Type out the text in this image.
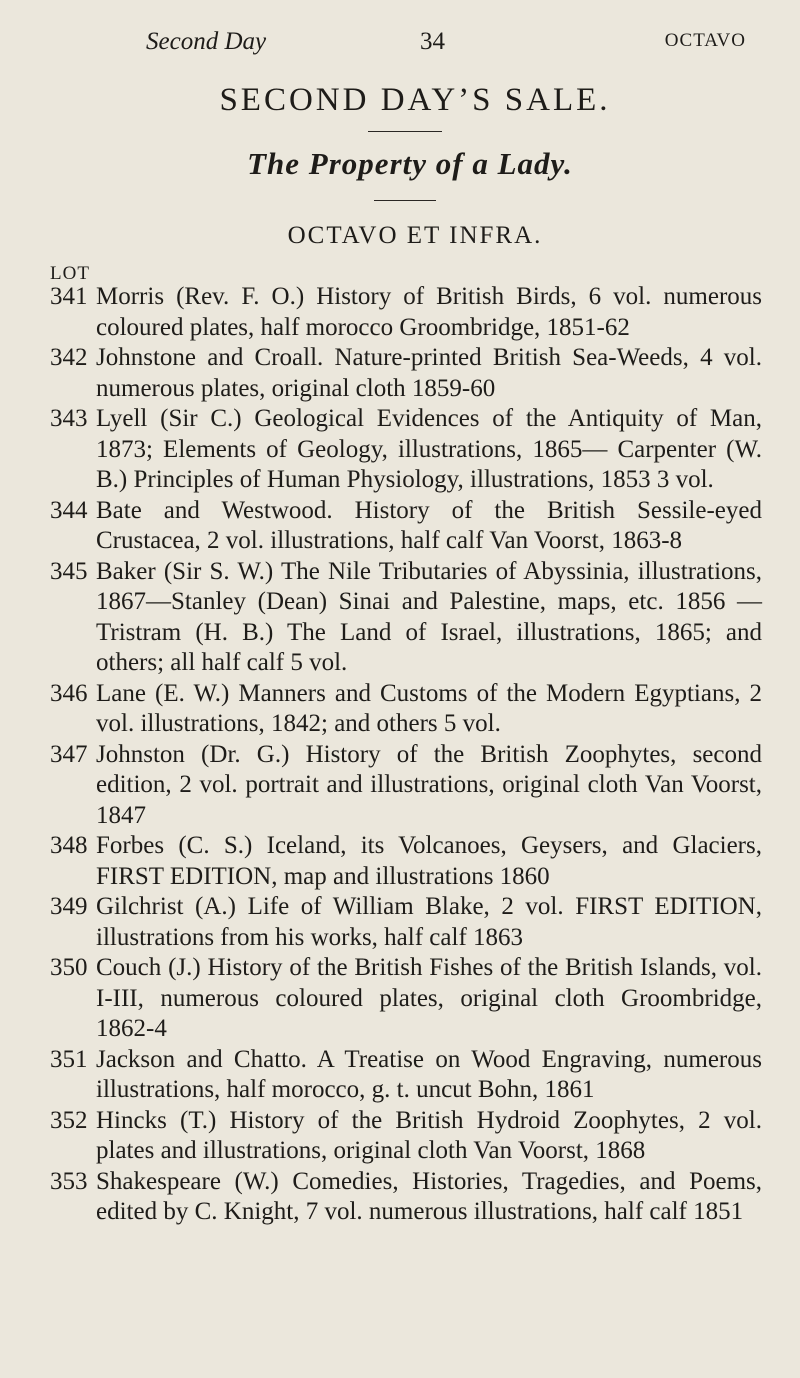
Second Day	34	OCTAVO
SECOND DAY’S SALE.
The Property of a Lady.
OCTAVO ET INFRA.
LOT
341 Morris (Rev. F. O.) History of British Birds, 6 vol. numerous coloured plates, half morocco Groombridge, 1851-62
342 Johnstone and Croall. Nature-printed British Sea-Weeds, 4 vol. numerous plates, original cloth 1859-60
343 Lyell (Sir C.) Geological Evidences of the Antiquity of Man, 1873; Elements of Geology, illustrations, 1865— Carpenter (W. B.) Principles of Human Physiology, illustrations, 1853 3 vol.
344 Bate and Westwood. History of the British Sessile-eyed Crustacea, 2 vol. illustrations, half calf Van Voorst, 1863-8
345 Baker (Sir S. W.) The Nile Tributaries of Abyssinia, illustrations, 1867—Stanley (Dean) Sinai and Palestine, maps, etc. 1856 — Tristram (H. B.) The Land of Israel, illustrations, 1865; and others; all half calf 5 vol.
346 Lane (E. W.) Manners and Customs of the Modern Egyptians, 2 vol. illustrations, 1842; and others 5 vol.
347 Johnston (Dr. G.) History of the British Zoophytes, second edition, 2 vol. portrait and illustrations, original cloth Van Voorst, 1847
348 Forbes (C. S.) Iceland, its Volcanoes, Geysers, and Glaciers, FIRST EDITION, map and illustrations 1860
349 Gilchrist (A.) Life of William Blake, 2 vol. FIRST EDITION, illustrations from his works, half calf 1863
350 Couch (J.) History of the British Fishes of the British Islands, vol. I-III, numerous coloured plates, original cloth Groombridge, 1862-4
351 Jackson and Chatto. A Treatise on Wood Engraving, numerous illustrations, half morocco, g. t. uncut Bohn, 1861
352 Hincks (T.) History of the British Hydroid Zoophytes, 2 vol. plates and illustrations, original cloth Van Voorst, 1868
353 Shakespeare (W.) Comedies, Histories, Tragedies, and Poems, edited by C. Knight, 7 vol. numerous illustrations, half calf 1851
